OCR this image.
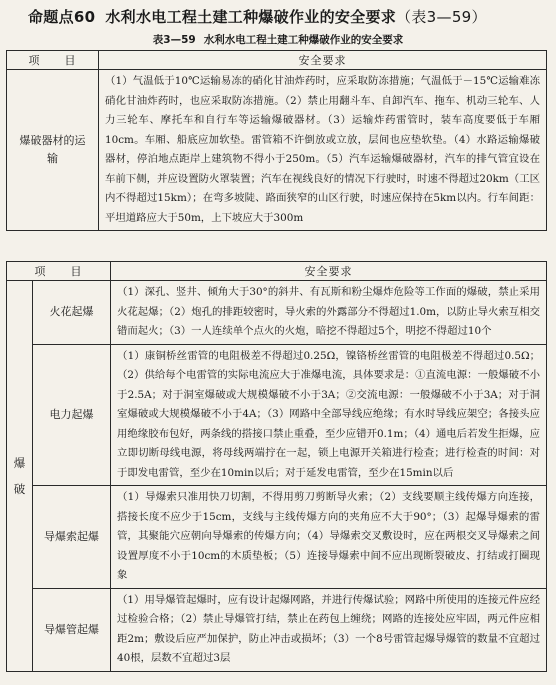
命题点60 水利水电工程土建工种爆破作业的安全要求（表3—59）
表3—59 水利水电工程土建工种爆破作业的安全要求
项　　目	安全要求

爆破器材的运输	（1）气温低于10℃运输易冻的硝化甘油炸药时，应采取防冻措施；气温低于－15℃运输难冻硝化甘油炸药时，也应采取防冻措施。（2）禁止用翻斗车、自卸汽车、拖车、机动三轮车、人力三轮车、摩托车和自行车等运输爆破器材。（3）运输炸药雷管时，装车高度要低于车厢10cm。车厢、船底应加软垫。雷管箱不许倒放或立放，层间也应垫软垫。（4）水路运输爆破器材，停泊地点距岸上建筑物不得小于250m。（5）汽车运输爆破器材，汽车的排气管宜设在车前下侧，并应设置防火罩装置；汽车在视线良好的情况下行驶时，时速不得超过20km（工区内不得超过15km）；在弯多坡陡、路面狭窄的山区行驶，时速应保持在5km以内。行车间距：平坦道路应大于50m，上下坡应大于300m
项　　目		安全要求

爆破	火花起爆	（1）深孔、竖井、倾角大于30°的斜井、有瓦斯和粉尘爆炸危险等工作面的爆破，禁止采用火花起爆；（2）炮孔的排距较密时，导火索的外露部分不得超过1.0m，以防止导火索互相交错而起火；（3）一人连续单个点火的火炮，暗挖不得超过5个，明挖不得超过10个
	电力起爆	（1）康铜桥丝雷管的电阻极差不得超过0.25Ω，镍铬桥丝雷管的电阻极差不得超过0.5Ω；（2）供给每个电雷管的实际电流应大于准爆电流，具体要求是：①直流电源：一般爆破不小于2.5A；对于洞室爆破或大规模爆破不小于3A；②交流电源：一般爆破不小于3A；对于洞室爆破或大规模爆破不小于4A；（3）网路中全部导线应绝缘；有水时导线应架空；各接头应用绝缘胶布包好，两条线的搭接口禁止重叠，至少应错开0.1m；（4）通电后若发生拒爆，应立即切断母线电源，将母线两端拧在一起，锁上电源开关箱进行检查；进行检查的时间：对于即发电雷管，至少在10min以后；对于延发电雷管，至少在15min以后
	导爆索起爆	（1）导爆索只准用快刀切割，不得用剪刀剪断导火索；（2）支线要顺主线传爆方向连接，搭接长度不应少于15cm，支线与主线传爆方向的夹角应不大于90°；（3）起爆导爆索的雷管，其聚能穴应朝向导爆索的传爆方向；（4）导爆索交叉敷设时，应在两根交叉导爆索之间设置厚度不小于10cm的木质垫板；（5）连接导爆索中间不应出现断裂破皮、打结或打圈现象
	导爆管起爆	（1）用导爆管起爆时，应有设计起爆网路，并进行传爆试验；网路中所使用的连接元件应经过检验合格；（2）禁止导爆管打结，禁止在药包上缠绕；网路的连接处应牢固，两元件应相距2m；敷设后应严加保护，防止冲击或损坏；（3）一个8号雷管起爆导爆管的数量不宜超过40根，层数不宜超过3层
